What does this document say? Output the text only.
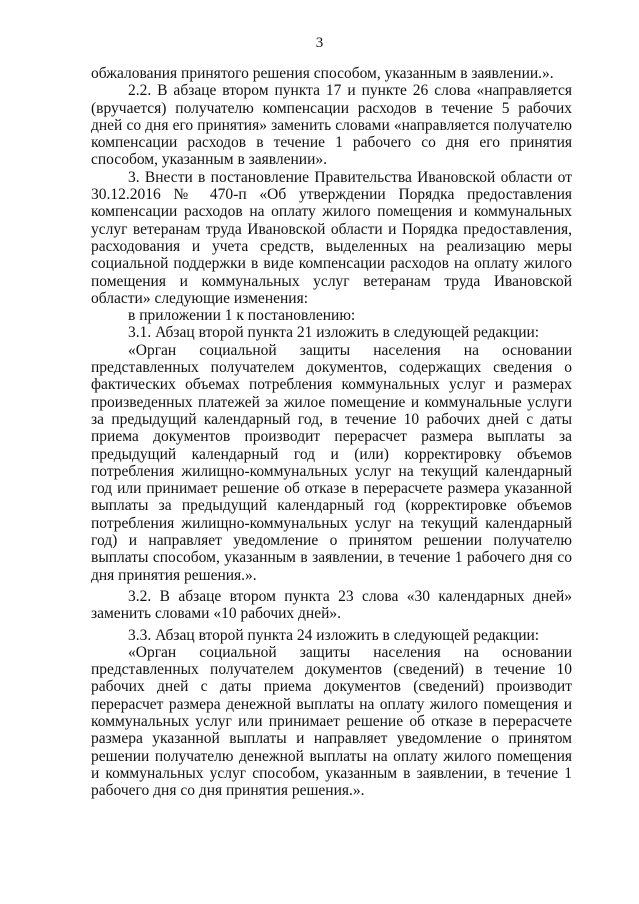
3

обжалования принятого решения способом, указанным в заявлении.».

2.2. В абзаце втором пункта 17 и пункте 26 слова «направляется (вручается) получателю компенсации расходов в течение 5 рабочих дней со дня его принятия» заменить словами «направляется получателю компенсации расходов в течение 1 рабочего со дня его принятия способом, указанным в заявлении».

3. Внести в постановление Правительства Ивановской области от 30.12.2016 № 470-п «Об утверждении Порядка предоставления компенсации расходов на оплату жилого помещения и коммунальных услуг ветеранам труда Ивановской области и Порядка предоставления, расходования и учета средств, выделенных на реализацию меры социальной поддержки в виде компенсации расходов на оплату жилого помещения и коммунальных услуг ветеранам труда Ивановской области» следующие изменения:

в приложении 1 к постановлению:

3.1. Абзац второй пункта 21 изложить в следующей редакции:

«Орган социальной защиты населения на основании представленных получателем документов, содержащих сведения о фактических объемах потребления коммунальных услуг и размерах произведенных платежей за жилое помещение и коммунальные услуги за предыдущий календарный год, в течение 10 рабочих дней с даты приема документов производит перерасчет размера выплаты за предыдущий календарный год и (или) корректировку объемов потребления жилищно-коммунальных услуг на текущий календарный год или принимает решение об отказе в перерасчете размера указанной выплаты за предыдущий календарный год (корректировке объемов потребления жилищно-коммунальных услуг на текущий календарный год) и направляет уведомление о принятом решении получателю выплаты способом, указанным в заявлении, в течение 1 рабочего дня со дня принятия решения.».

3.2. В абзаце втором пункта 23 слова «30 календарных дней» заменить словами «10 рабочих дней».

3.3. Абзац второй пункта 24 изложить в следующей редакции:

«Орган социальной защиты населения на основании представленных получателем документов (сведений) в течение 10 рабочих дней с даты приема документов (сведений) производит перерасчет размера денежной выплаты на оплату жилого помещения и коммунальных услуг или принимает решение об отказе в перерасчете размера указанной выплаты и направляет уведомление о принятом решении получателю денежной выплаты на оплату жилого помещения и коммунальных услуг способом, указанным в заявлении, в течение 1 рабочего дня со дня принятия решения.».
